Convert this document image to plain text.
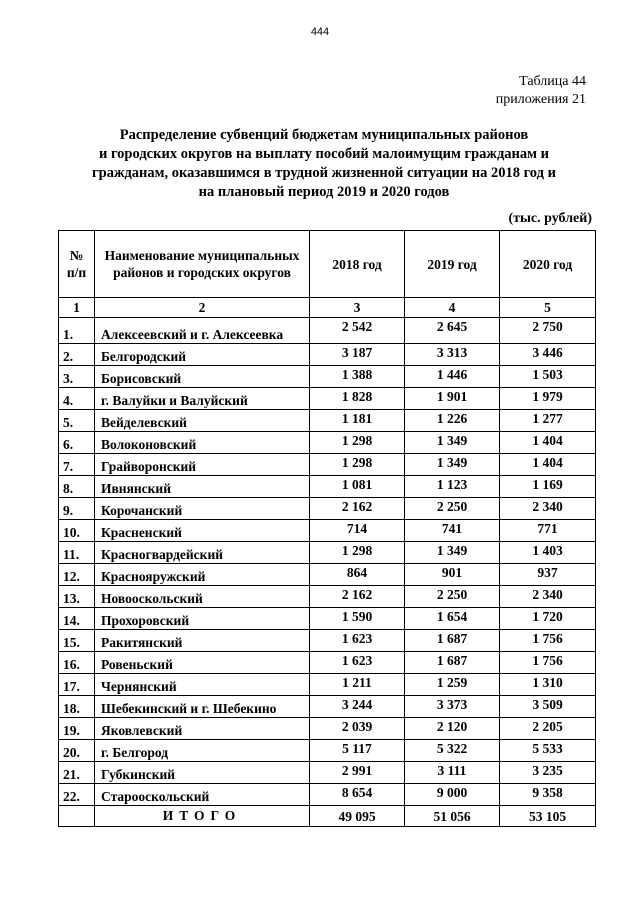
444
Таблица 44
приложения 21
Распределение субвенций бюджетам муниципальных районов
и городских округов на выплату пособий малоимущим гражданам и
гражданам, оказавшимся в трудной жизненной ситуации на 2018 год и
на плановый период 2019 и 2020 годов
(тыс. рублей)
№
п/п	Наименование муниципальных районов и городских округов	2018 год	2019 год	2020 год
1	2	3	4	5
1.	Алексеевский и г. Алексеевка	2 542	2 645	2 750
2.	Белгородский	3 187	3 313	3 446
3.	Борисовский	1 388	1 446	1 503
4.	г. Валуйки и Валуйский	1 828	1 901	1 979
5.	Вейделевский	1 181	1 226	1 277
6.	Волоконовский	1 298	1 349	1 404
7.	Грайворонский	1 298	1 349	1 404
8.	Ивнянский	1 081	1 123	1 169
9.	Корочанский	2 162	2 250	2 340
10.	Красненский	714	741	771
11.	Красногвардейский	1 298	1 349	1 403
12.	Краснояружский	864	901	937
13.	Новооскольский	2 162	2 250	2 340
14.	Прохоровский	1 590	1 654	1 720
15.	Ракитянский	1 623	1 687	1 756
16.	Ровеньский	1 623	1 687	1 756
17.	Чернянский	1 211	1 259	1 310
18.	Шебекинский и г. Шебекино	3 244	3 373	3 509
19.	Яковлевский	2 039	2 120	2 205
20.	г. Белгород	5 117	5 322	5 533
21.	Губкинский	2 991	3 111	3 235
22.	Старооскольский	8 654	9 000	9 358
	ИТОГО	49 095	51 056	53 105
